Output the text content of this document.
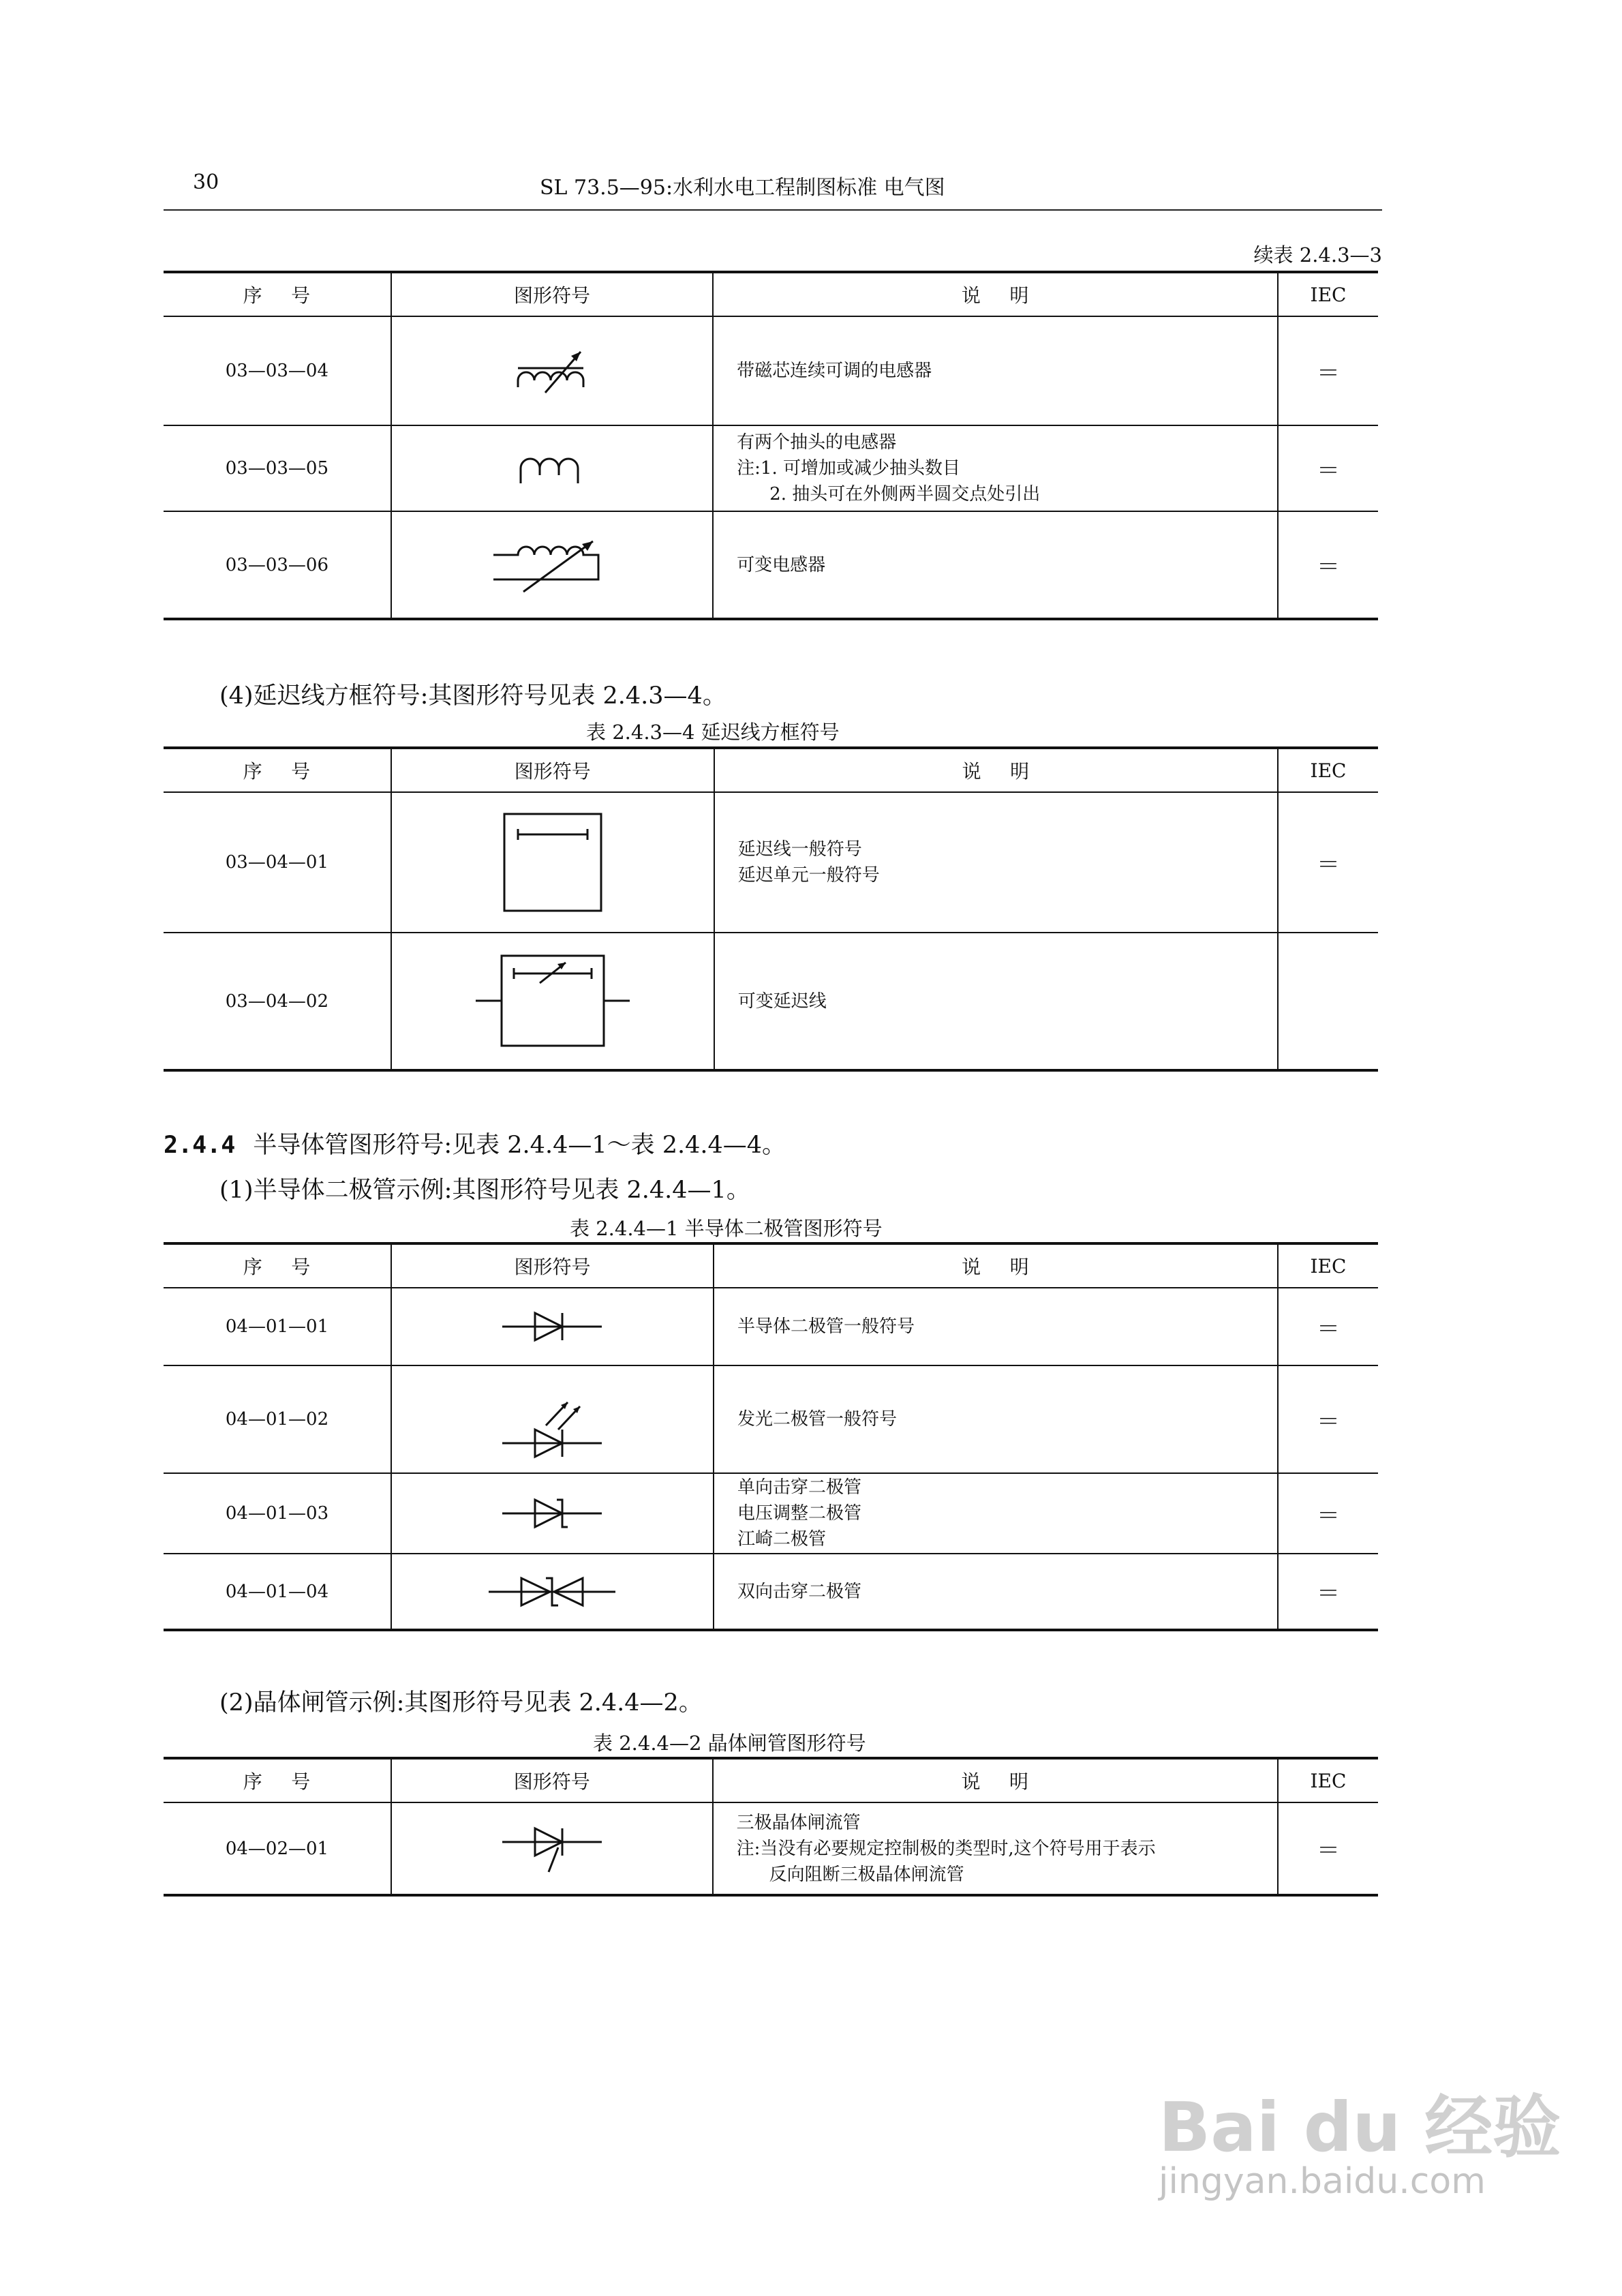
30	SL 73.5—95:水利水电工程制图标准 电气图
续表 2.4.3—3
序 号	图形符号	说 明	IEC
03—03—04		带磁芯连续可调的电感器	＝
03—03—05		有两个抽头的电感器
注:1. 可增加或减少抽头数目
2. 抽头可在外侧两半圆交点处引出	＝
03—03—06		可变电感器	＝
(4)延迟线方框符号:其图形符号见表 2.4.3—4。
表 2.4.3—4 延迟线方框符号
序 号	图形符号	说 明	IEC
03—04—01		延迟线一般符号
延迟单元一般符号	＝
03—04—02		可变延迟线	
2.4.4 半导体管图形符号:见表 2.4.4—1～表 2.4.4—4。
(1)半导体二极管示例:其图形符号见表 2.4.4—1。
表 2.4.4—1 半导体二极管图形符号
序 号	图形符号	说 明	IEC
04—01—01		半导体二极管一般符号	＝
04—01—02		发光二极管一般符号	＝
04—01—03		单向击穿二极管
电压调整二极管
江崎二极管	＝
04—01—04		双向击穿二极管	＝
(2)晶体闸管示例:其图形符号见表 2.4.4—2。
表 2.4.4—2 晶体闸管图形符号
序 号	图形符号	说 明	IEC
04—02—01		三极晶体闸流管
注:当没有必要规定控制极的类型时,这个符号用于表示
反向阻断三极晶体闸流管	＝
Bai du 经验
jingyan.baidu.com
